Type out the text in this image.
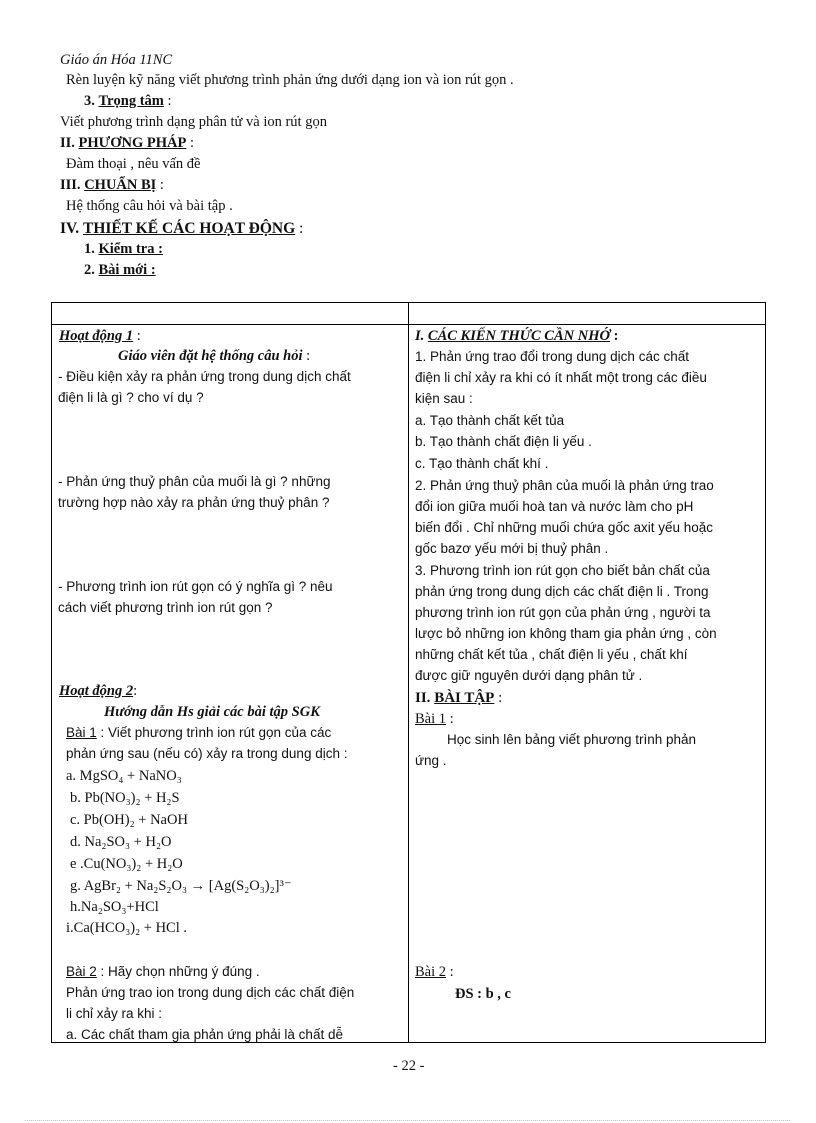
Giáo án Hóa 11NC
Rèn luyện kỹ năng viết phương trình phản ứng dưới dạng ion và ion rút gọn .
3. Trọng tâm :
Viết phương trình dạng phân tử và ion rút gọn
II. PHƯƠNG PHÁP :
Đàm thoại , nêu vấn đề
III. CHUẨN BỊ :
Hệ thống câu hỏi và bài tập .
IV. THIẾT KẾ CÁC HOẠT ĐỘNG :
1. Kiểm tra :
2. Bài mới :
Hoạt động 1 :
Giáo viên đặt hệ thống câu hỏi :
- Điều kiện xảy ra phản ứng trong dung dịch chất
điện li là gì ? cho ví dụ ?
- Phản ứng thuỷ phân của muối là gì ? những
trường hợp nào xảy ra phản ứng thuỷ phân ?
- Phương trình ion rút gọn có ý nghĩa gì ? nêu
cách viết phương trình ion rút gọn ?
Hoạt động 2:
Hướng dẫn Hs giải các bài tập SGK
Bài 1 : Viết phương trình ion rút gọn của các
phản ứng sau (nếu có) xảy ra trong dung dịch :
a. MgSO₄ + NaNO₃
b. Pb(NO₃)₂ + H₂S
c. Pb(OH)₂ + NaOH
d. Na₂SO₃ + H₂O
e .Cu(NO₃)₂ + H₂O
g. AgBr₂ + Na₂S₂O₃ → [Ag(S₂O₃)₂]³⁻
h.Na₂SO₃+HCl
i.Ca(HCO₃)₂ + HCl .
Bài 2 : Hãy chọn những ý đúng .
Phản ứng trao ion trong dung dịch các chất điện
li chỉ xảy ra khi :
a. Các chất tham gia phản ứng phải là chất dễ
I. CÁC KIẾN THỨC CẦN NHỚ :
1. Phản ứng trao đổi trong dung dịch các chất
điện li chỉ xảy ra khi có ít nhất một trong các điều
kiện sau :
a. Tạo thành chất kết tủa
b. Tạo thành chất điện li yếu .
c. Tạo thành chất khí .
2. Phản ứng thuỷ phân của muối là phản ứng trao
đổi ion giữa muối hoà tan và nước làm cho pH
biến đổi . Chỉ những muối chứa gốc axit yếu hoặc
gốc bazơ yếu mới bị thuỷ phân .
3. Phương trình ion rút gọn cho biết bản chất của
phản ứng trong dung dịch các chất điện li . Trong
phương trình ion rút gọn của phản ứng , người ta
lược bỏ những ion không tham gia phản ứng , còn
những chất kết tủa , chất điện li yếu , chất khí
được giữ nguyên dưới dạng phân tử .
II. BÀI TẬP :
Bài 1 :
Học sinh lên bảng viết phương trình phản
ứng .
Bài 2 :
ĐS : b , c
- 22 -
